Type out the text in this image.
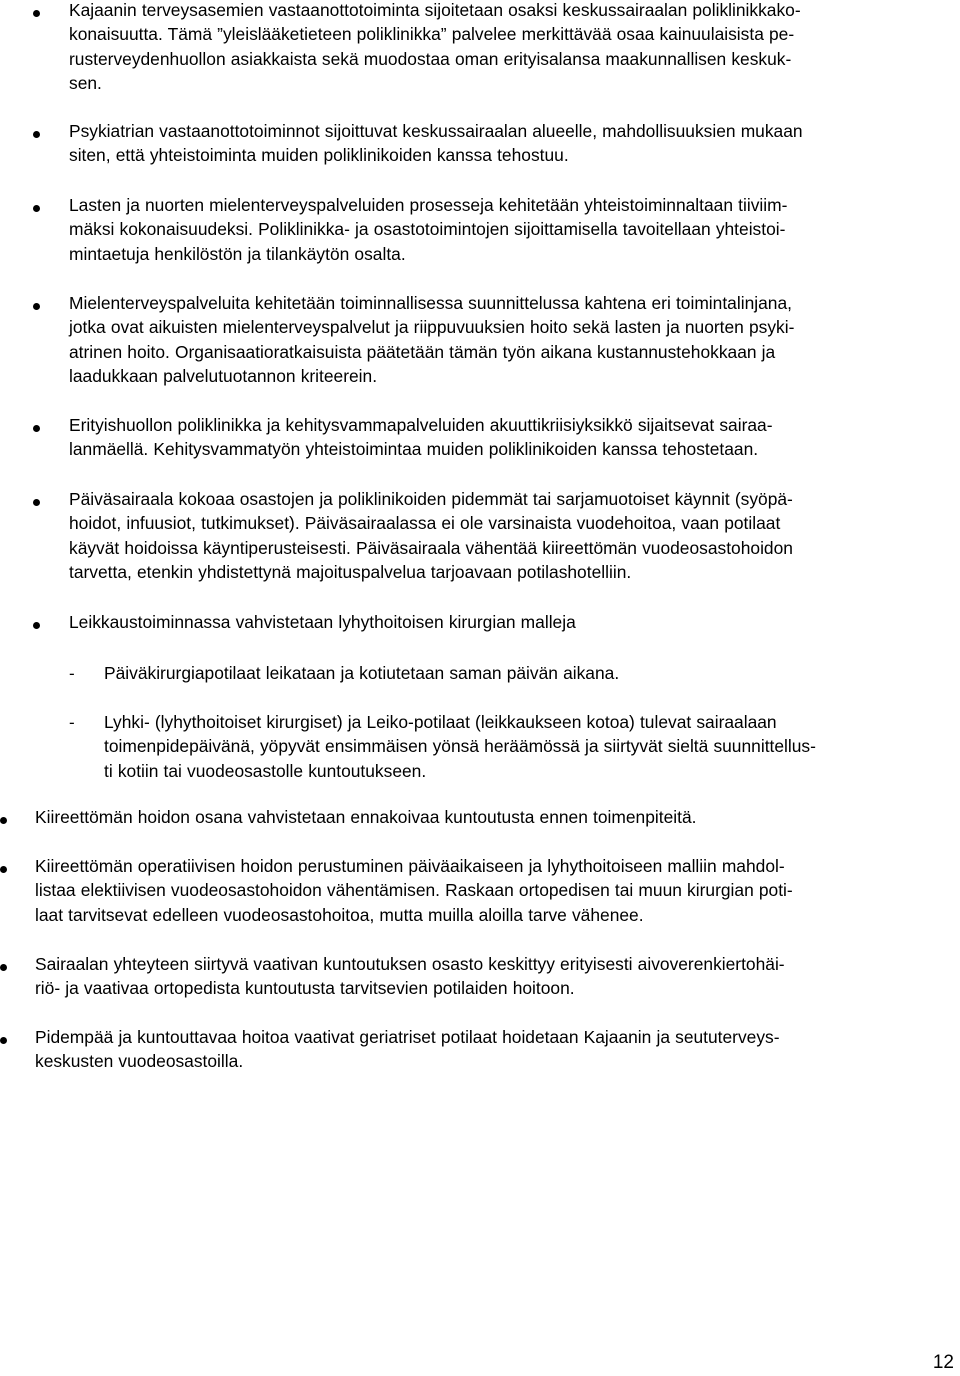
Kajaanin terveysasemien vastaanottotoiminta sijoitetaan osaksi keskussairaalan poliklinikkako-
konaisuutta. Tämä ”yleislääketieteen poliklinikka” palvelee merkittävää osaa kainuulaisista pe-
rusterveydenhuollon asiakkaista sekä muodostaa oman erityisalansa maakunnallisen keskuk-
sen.
Psykiatrian vastaanottotoiminnot sijoittuvat keskussairaalan alueelle, mahdollisuuksien mukaan
siten, että yhteistoiminta muiden poliklinikoiden kanssa tehostuu.
Lasten ja nuorten mielenterveyspalveluiden prosesseja kehitetään yhteistoiminnaltaan tiiviim-
mäksi kokonaisuudeksi. Poliklinikka- ja osastotoimintojen sijoittamisella tavoitellaan yhteistoi-
mintaetuja henkilöstön ja tilankäytön osalta.
Mielenterveyspalveluita kehitetään toiminnallisessa suunnittelussa kahtena eri toimintalinjana,
jotka ovat aikuisten mielenterveyspalvelut ja riippuvuuksien hoito sekä lasten ja nuorten psyki-
atrinen hoito. Organisaatioratkaisuista päätetään tämän työn aikana kustannustehokkaan ja
laadukkaan palvelutuotannon kriteerein.
Erityishuollon poliklinikka ja kehitysvammapalveluiden akuuttikriisiyksikkö sijaitsevat sairaa-
lanmäellä. Kehitysvammatyön yhteistoimintaa muiden poliklinikoiden kanssa tehostetaan.
Päiväsairaala kokoaa osastojen ja poliklinikoiden pidemmät tai sarjamuotoiset käynnit (syöpä-
hoidot, infuusiot, tutkimukset). Päiväsairaalassa ei ole varsinaista vuodehoitoa, vaan potilaat
käyvät hoidoissa käyntiperusteisesti. Päiväsairaala vähentää kiireettömän vuodeosastohoidon
tarvetta, etenkin yhdistettynä majoituspalvelua tarjoavaan potilashotelliin.
Leikkaustoiminnassa vahvistetaan lyhythoitoisen kirurgian malleja
- Päiväkirurgiapotilaat leikataan ja kotiutetaan saman päivän aikana.
- Lyhki- (lyhythoitoiset kirurgiset) ja Leiko-potilaat (leikkaukseen kotoa) tulevat sairaalaan
toimenpidepäivänä, yöpyvät ensimmäisen yönsä heräämössä ja siirtyvät sieltä suunnittellus-
ti kotiin tai vuodeosastolle kuntoutukseen.
Kiireettömän hoidon osana vahvistetaan ennakoivaa kuntoutusta ennen toimenpiteitä.
Kiireettömän operatiivisen hoidon perustuminen päiväaikaiseen ja lyhythoitoiseen malliin mahdol-
listaa elektiivisen vuodeosastohoidon vähentämisen. Raskaan ortopedisen tai muun kirurgian poti-
laat tarvitsevat edelleen vuodeosastohoitoa, mutta muilla aloilla tarve vähenee.
Sairaalan yhteyteen siirtyvä vaativan kuntoutuksen osasto keskittyy erityisesti aivoverenkiertohäi-
riö- ja vaativaa ortopedista kuntoutusta tarvitsevien potilaiden hoitoon.
Pidempää ja kuntouttavaa hoitoa vaativat geriatriset potilaat hoidetaan Kajaanin ja seututerveys-
keskusten vuodeosastoilla.
12
